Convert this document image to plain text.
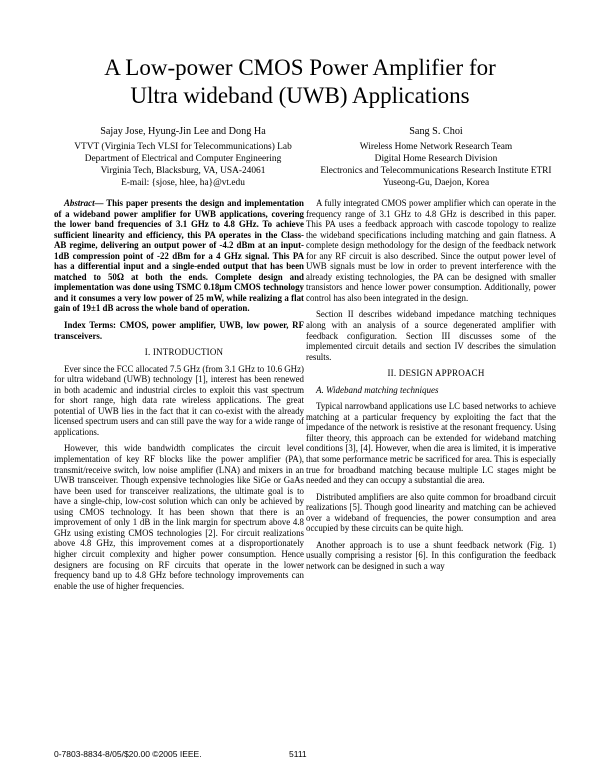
A Low-power CMOS Power Amplifier for
Ultra wideband (UWB) Applications
Sajay Jose, Hyung-Jin Lee and Dong Ha
VTVT (Virginia Tech VLSI for Telecommunications) Lab
Department of Electrical and Computer Engineering
Virginia Tech, Blacksburg, VA, USA-24061
E-mail: {sjose, hlee, ha}@vt.edu
Sang S. Choi
Wireless Home Network Research Team
Digital Home Research Division
Electronics and Telecommunications Research Institute ETRI
Yuseong-Gu, Daejon, Korea

Abstract— This paper presents the design and implementation of a wideband power amplifier for UWB applications, covering the lower band frequencies of 3.1 GHz to 4.8 GHz. To achieve sufficient linearity and efficiency, this PA operates in the Class-AB regime, delivering an output power of -4.2 dBm at an input-1dB compression point of -22 dBm for a 4 GHz signal. This PA has a differential input and a single-ended output that has been matched to 50Ω at both the ends. Complete design and implementation was done using TSMC 0.18μm CMOS technology and it consumes a very low power of 25 mW, while realizing a flat gain of 19±1 dB across the whole band of operation.

Index Terms: CMOS, power amplifier, UWB, low power, RF transceivers.

I. INTRODUCTION

Ever since the FCC allocated 7.5 GHz (from 3.1 GHz to 10.6 GHz) for ultra wideband (UWB) technology [1], interest has been renewed in both academic and industrial circles to exploit this vast spectrum for short range, high data rate wireless applications. The great potential of UWB lies in the fact that it can co-exist with the already licensed spectrum users and can still pave the way for a wide range of applications.

However, this wide bandwidth complicates the circuit level implementation of key RF blocks like the power amplifier (PA), transmit/receive switch, low noise amplifier (LNA) and mixers in an UWB transceiver. Though expensive technologies like SiGe or GaAs have been used for transceiver realizations, the ultimate goal is to have a single-chip, low-cost solution which can only be achieved by using CMOS technology. It has been shown that there is an improvement of only 1 dB in the link margin for spectrum above 4.8 GHz using existing CMOS technologies [2]. For circuit realizations above 4.8 GHz, this improvement comes at a disproportionately higher circuit complexity and higher power consumption. Hence designers are focusing on RF circuits that operate in the lower frequency band up to 4.8 GHz before technology improvements can enable the use of higher frequencies.

A fully integrated CMOS power amplifier which can operate in the frequency range of 3.1 GHz to 4.8 GHz is described in this paper. This PA uses a feedback approach with cascode topology to realize the wideband specifications including matching and gain flatness. A complete design methodology for the design of the feedback network for any RF circuit is also described. Since the output power level of UWB signals must be low in order to prevent interference with the already existing technologies, the PA can be designed with smaller transistors and hence lower power consumption. Additionally, power control has also been integrated in the design.

Section II describes wideband impedance matching techniques along with an analysis of a source degenerated amplifier with feedback configuration. Section III discusses some of the implemented circuit details and section IV describes the simulation results.

II. DESIGN APPROACH

A. Wideband matching techniques

Typical narrowband applications use LC based networks to achieve matching at a particular frequency by exploiting the fact that the impedance of the network is resistive at the resonant frequency. Using filter theory, this approach can be extended for wideband matching conditions [3], [4]. However, when die area is limited, it is imperative that some performance metric be sacrificed for area. This is especially true for broadband matching because multiple LC stages might be needed and they can occupy a substantial die area.

Distributed amplifiers are also quite common for broadband circuit realizations [5]. Though good linearity and matching can be achieved over a wideband of frequencies, the power consumption and area occupied by these circuits can be quite high.

Another approach is to use a shunt feedback network (Fig. 1) usually comprising a resistor [6]. In this configuration the feedback network can be designed in such a way

0-7803-8834-8/05/$20.00 ©2005 IEEE.	5111
